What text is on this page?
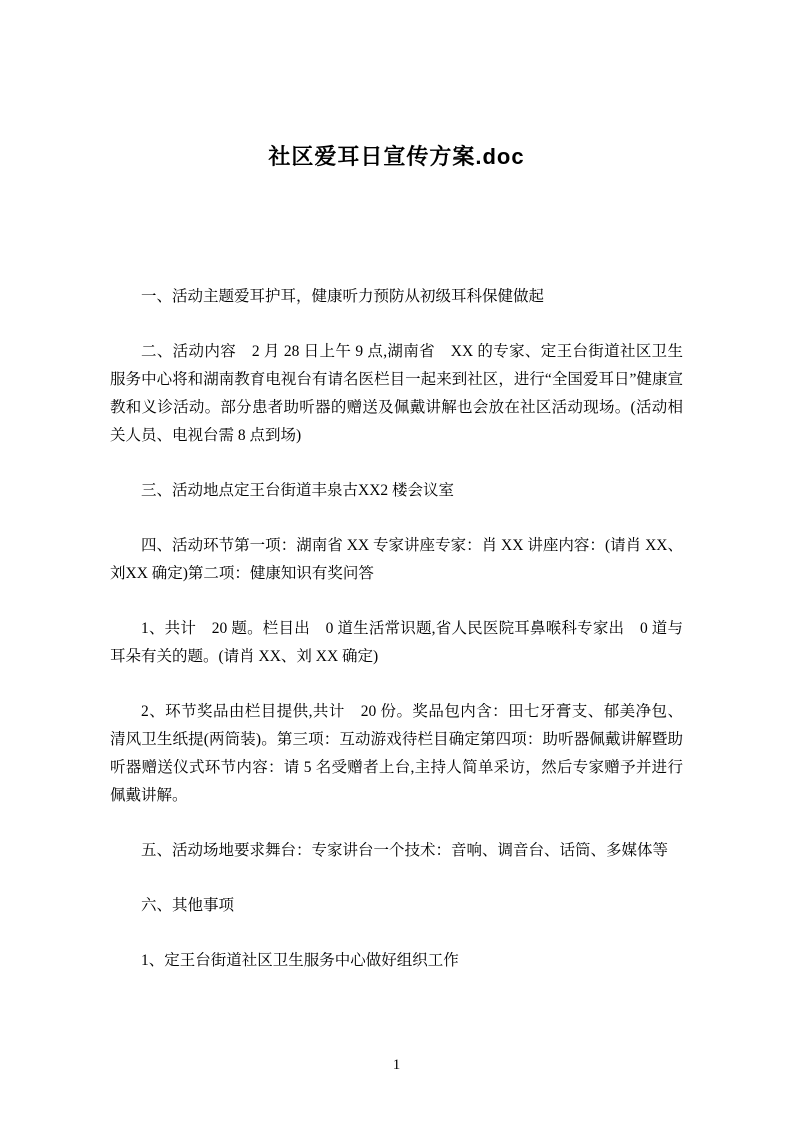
社区爱耳日宣传方案.doc

一、活动主题爱耳护耳，健康听力预防从初级耳科保健做起

二、活动内容　2 月 28 日上午 9 点,湖南省　XX 的专家、定王台街道社区卫生服务中心将和湖南教育电视台有请名医栏目一起来到社区，进行“全国爱耳日”健康宣教和义诊活动。部分患者助听器的赠送及佩戴讲解也会放在社区活动现场。(活动相关人员、电视台需 8 点到场)

三、活动地点定王台街道丰泉古XX2 楼会议室

四、活动环节第一项：湖南省 XX 专家讲座专家：肖 XX 讲座内容：(请肖 XX、刘XX 确定)第二项：健康知识有奖问答

1、共计　20 题。栏目出　0 道生活常识题,省人民医院耳鼻喉科专家出　0 道与耳朵有关的题。(请肖 XX、刘 XX 确定)

2、环节奖品由栏目提供,共计　20 份。奖品包内含：田七牙膏支、郁美净包、清风卫生纸提(两筒装)。第三项：互动游戏待栏目确定第四项：助听器佩戴讲解暨助听器赠送仪式环节内容：请 5 名受赠者上台,主持人简单采访，然后专家赠予并进行佩戴讲解。

五、活动场地要求舞台：专家讲台一个技术：音响、调音台、话筒、多媒体等

六、其他事项

1、定王台街道社区卫生服务中心做好组织工作

1
